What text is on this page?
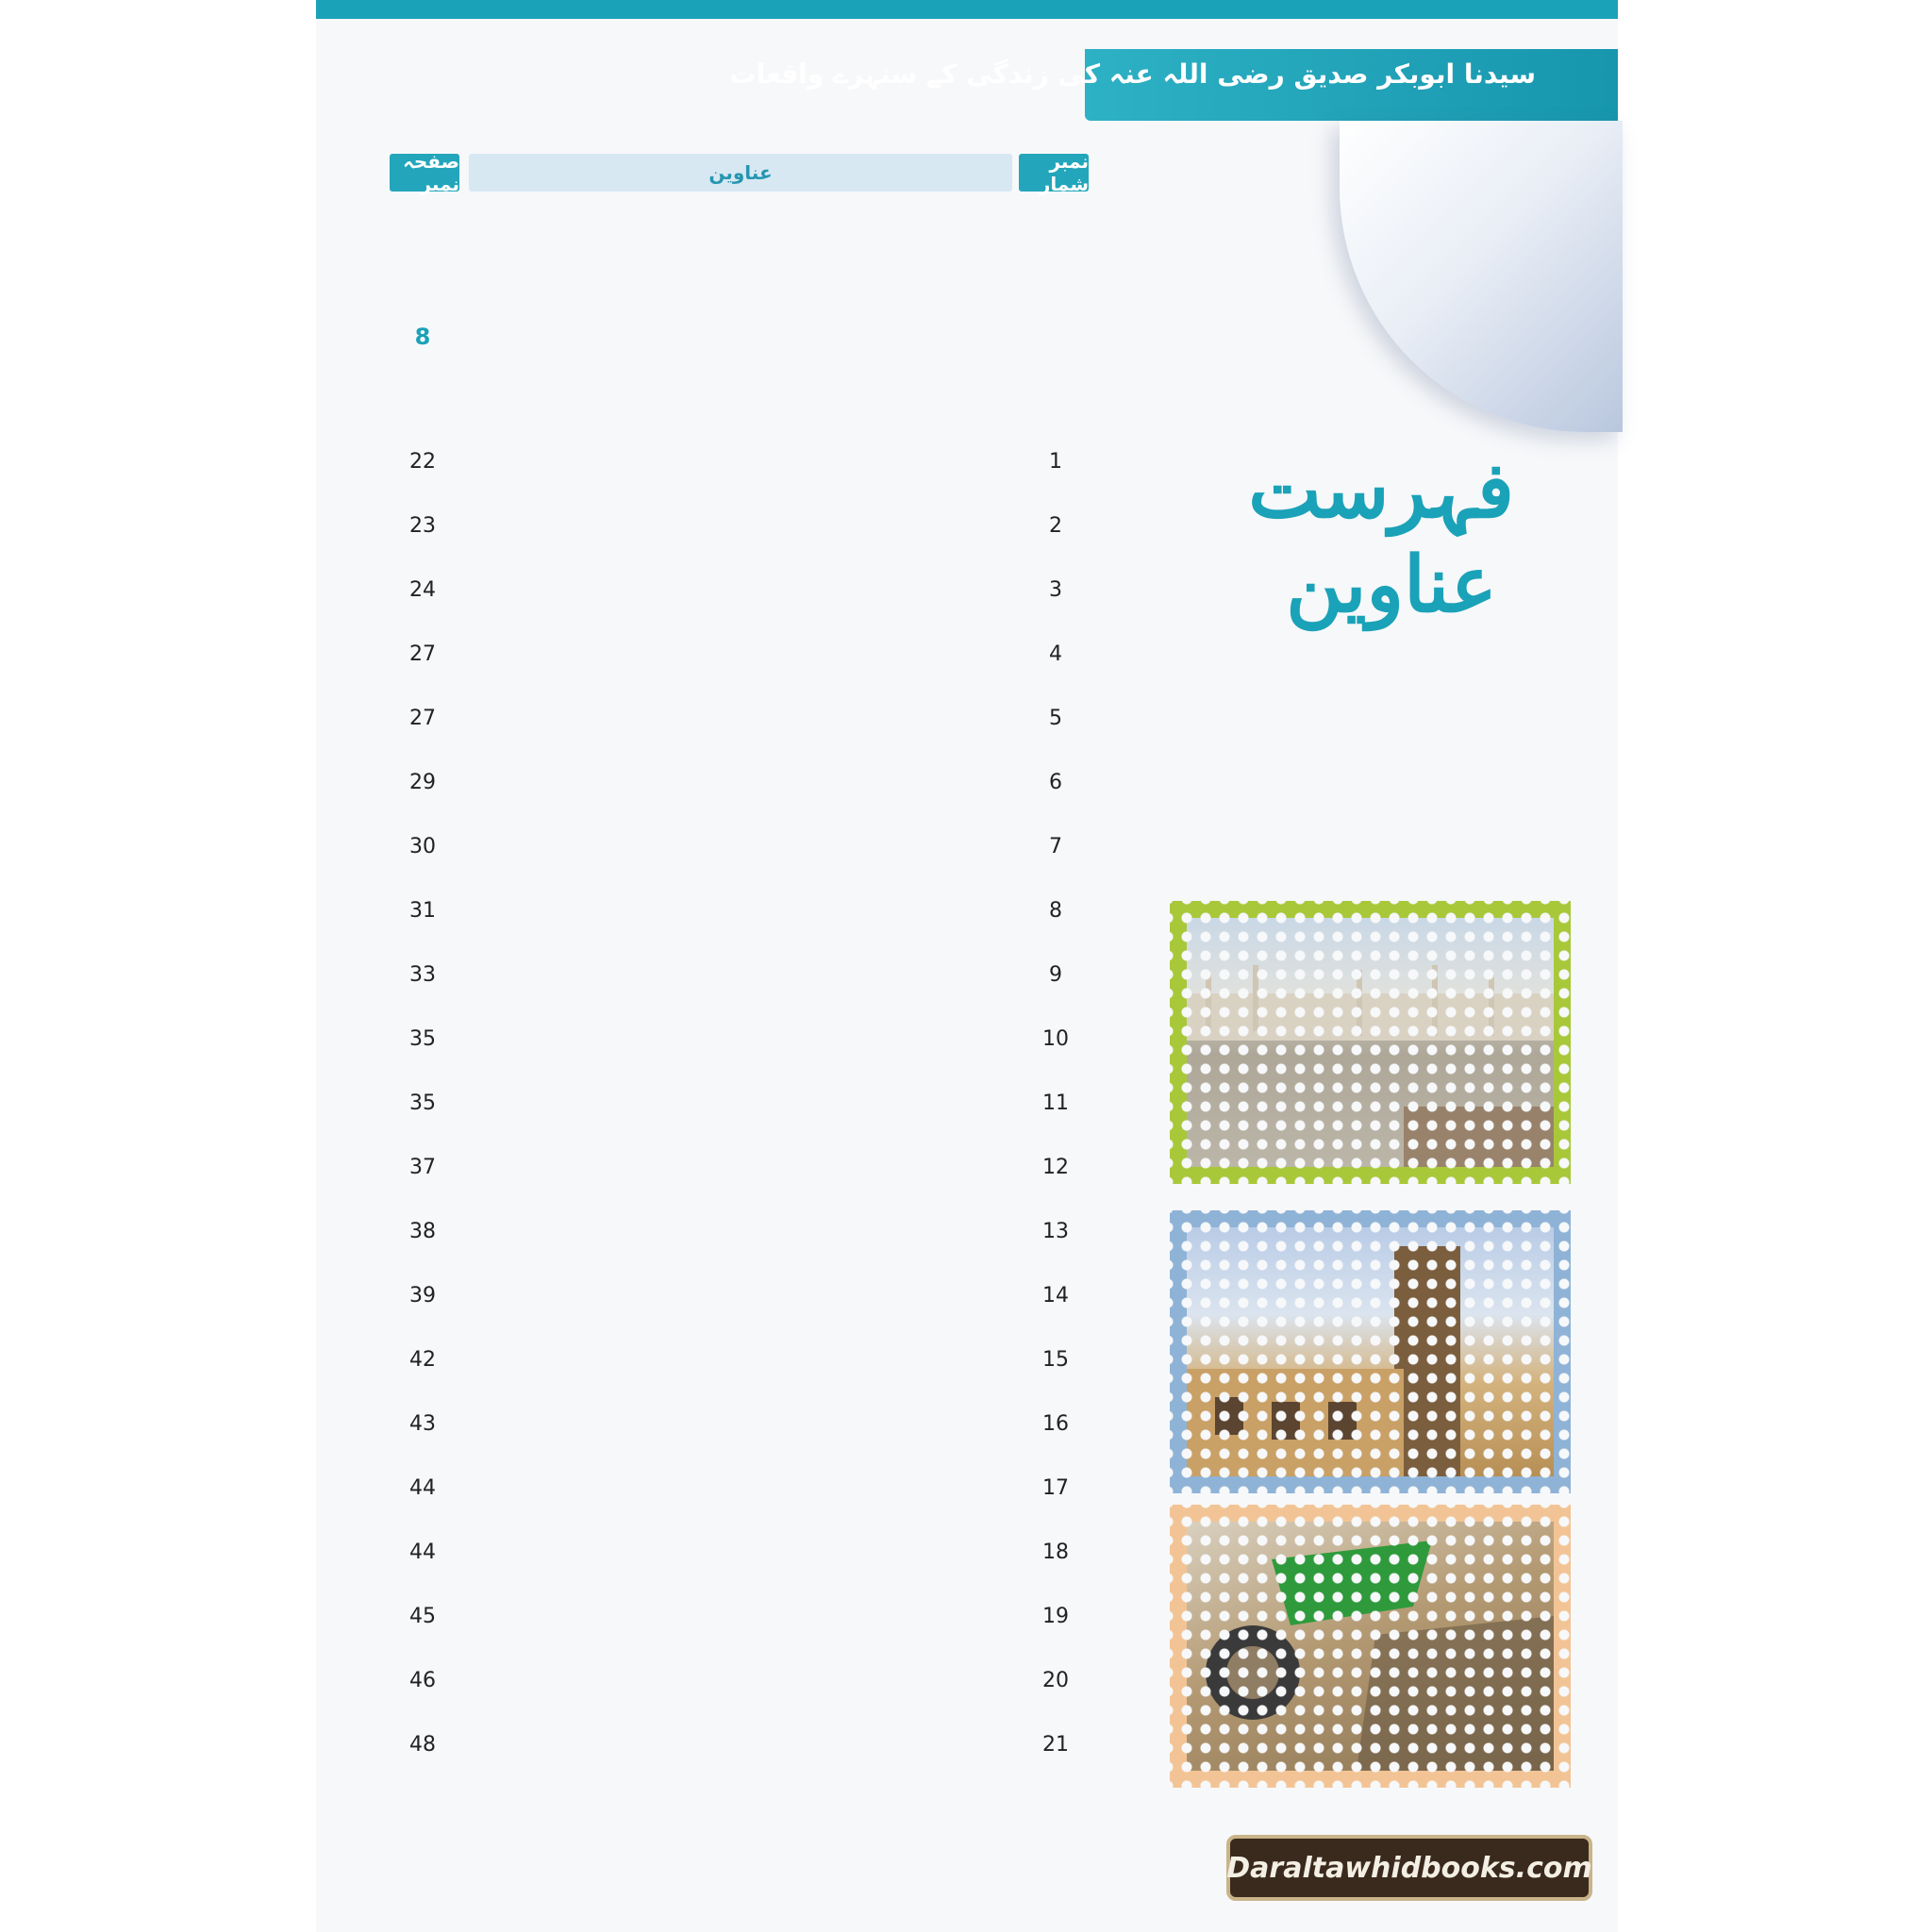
سیدنا ابوبکر صدیق رضی اللہ عنہ کی زندگی کے سنہرے واقعات
نمبر شمار
عناوین
صفحہ نمبر
فہرست
عناوین
8
1
22
2
23
3
24
4
27
5
27
6
29
7
30
8
31
9
33
10
35
11
35
12
37
13
38
14
39
15
42
16
43
17
44
18
44
19
45
20
46
21
48
Daraltawhidbooks.com
